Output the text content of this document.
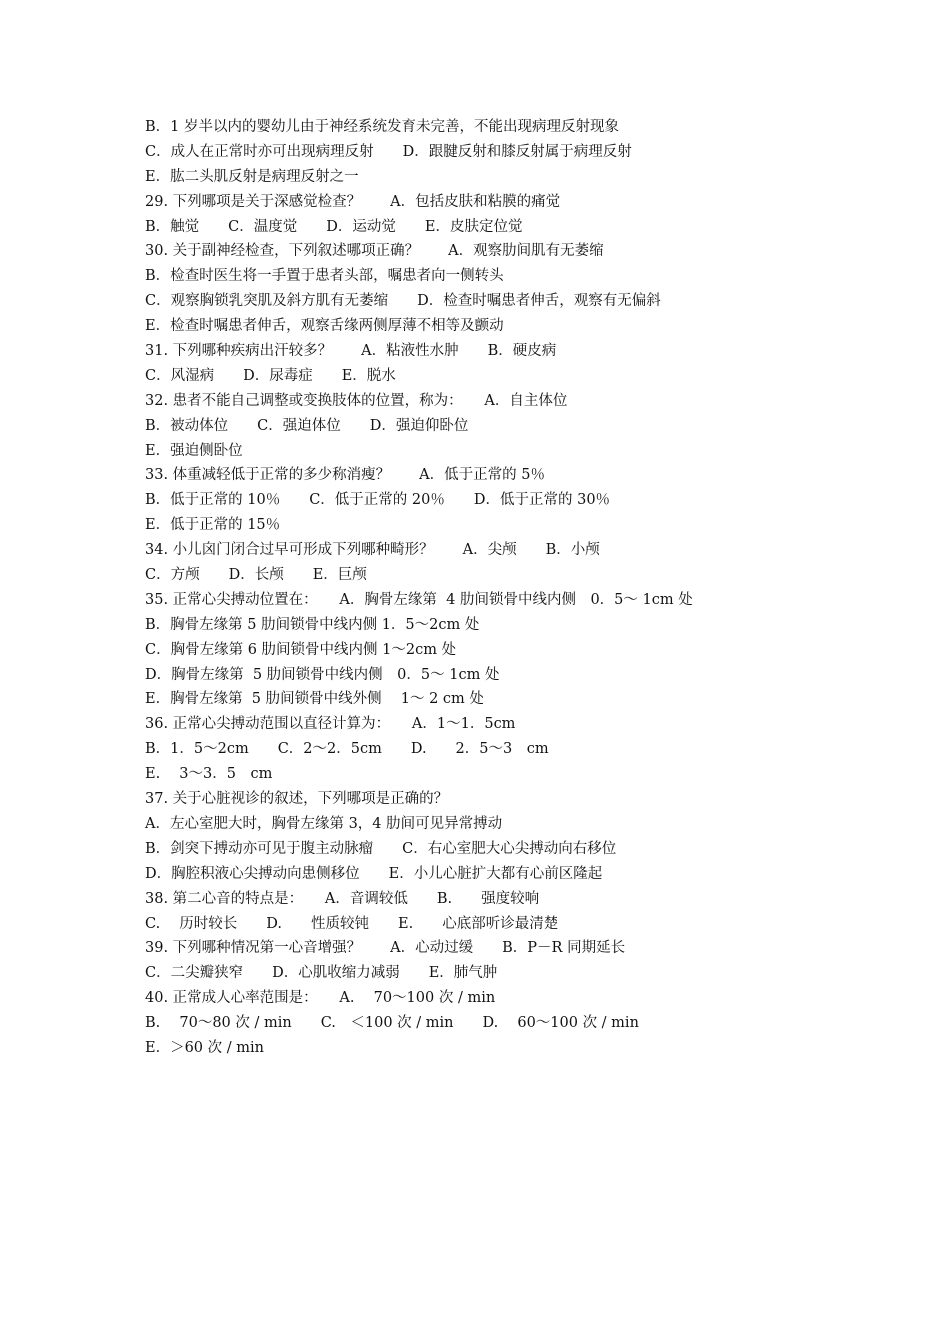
B．1 岁半以内的婴幼儿由于神经系统发育未完善，不能出现病理反射现象
C．成人在正常时亦可出现病理反射　　D．跟腱反射和膝反射属于病理反射
E．肱二头肌反射是病理反射之一
29. 下列哪项是关于深感觉检查？　　A．包括皮肤和粘膜的痛觉
B．触觉　　C．温度觉　　D．运动觉　　E．皮肤定位觉
30. 关于副神经检查，下列叙述哪项正确？　　A．观察肋间肌有无萎缩
B．检查时医生将一手置于患者头部，嘱患者向一侧转头
C．观察胸锁乳突肌及斜方肌有无萎缩　　D．检查时嘱患者伸舌，观察有无偏斜
E．检查时嘱患者伸舌，观察舌缘两侧厚薄不相等及颤动
31. 下列哪种疾病出汗较多？　　A．粘液性水肿　　B．硬皮病
C．风湿病　　D．尿毒症　　E．脱水
32. 患者不能自己调整或变换肢体的位置，称为：　　A．自主体位
B．被动体位　　C．强迫体位　　D．强迫仰卧位
E．强迫侧卧位
33. 体重减轻低于正常的多少称消瘦？　　A．低于正常的 5％
B．低于正常的 10％　　C．低于正常的 20％　　D．低于正常的 30％
E．低于正常的 15％
34. 小儿囟门闭合过早可形成下列哪种畸形？　　A．尖颅　　B．小颅
C．方颅　　D．长颅　　E．巨颅
35. 正常心尖搏动位置在：　　A．胸骨左缘第  4 肋间锁骨中线内侧　0．5～ 1cm 处
B．胸骨左缘第 5 肋间锁骨中线内侧 1．5～2cm 处
C．胸骨左缘第 6 肋间锁骨中线内侧 1～2cm 处
D．胸骨左缘第  5 肋间锁骨中线内侧　0．5～ 1cm 处
E．胸骨左缘第  5 肋间锁骨中线外侧　 1～ 2 cm 处
36. 正常心尖搏动范围以直径计算为：　　A．1～1．5cm
B．1．5～2cm　　C．2～2．5cm　　D.　　2．5～3　cm
E.　 3～3．5　cm
37. 关于心脏视诊的叙述，下列哪项是正确的？
A．左心室肥大时，胸骨左缘第 3，4 肋间可见异常搏动
B．剑突下搏动亦可见于腹主动脉瘤　　C．右心室肥大心尖搏动向右移位
D．胸腔积液心尖搏动向患侧移位　　E．小儿心脏扩大都有心前区隆起
38. 第二心音的特点是：　　A．音调较低　　B.　　强度较响
C.　 历时较长　　D.　　性质较钝　　E.　　心底部听诊最清楚
39. 下列哪种情况第一心音增强？　　A．心动过缓　　B．P－R 同期延长
C．二尖瓣狭窄　　D．心肌收缩力减弱　　E．肺气肿
40. 正常成人心率范围是：　　A.　 70～100 次 / min
B.　 70～80 次 / min　　C.　＜100 次 / min　　D.　 60～100 次 / min
E．＞60 次 / min
